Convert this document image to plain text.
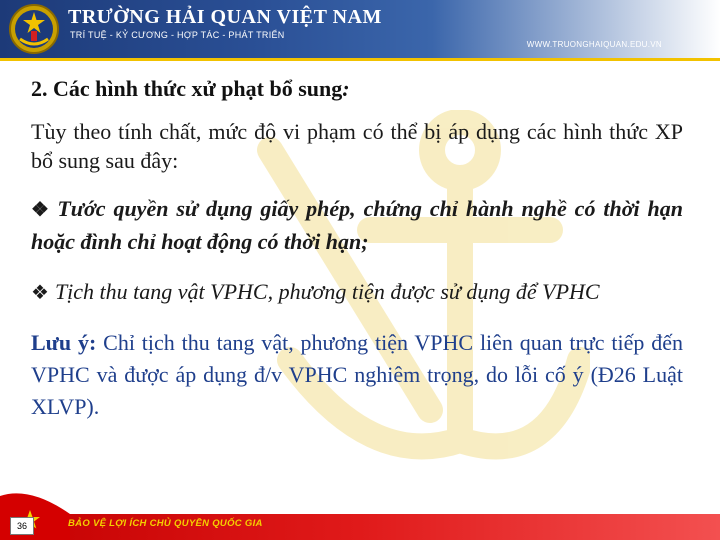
TRƯỜNG HẢI QUAN VIỆT NAM
TRÍ TUỆ - KỶ CƯƠNG - HỢP TÁC - PHÁT TRIỂN
WWW.TRUONGHAIQUAN.EDU.VN
2. Các hình thức xử phạt bổ sung:
Tùy theo tính chất, mức độ vi phạm có thể bị áp dụng các hình thức XP bổ sung sau đây:
❖ Tước quyền sử dụng giấy phép, chứng chỉ hành nghề có thời hạn hoặc đình chỉ hoạt động có thời hạn;
❖ Tịch thu tang vật VPHC, phương tiện được sử dụng để VPHC
Lưu ý: Chỉ tịch thu tang vật, phương tiện VPHC liên quan trực tiếp đến VPHC và được áp dụng đ/v VPHC nghiêm trọng, do lỗi cố ý (Đ26 Luật XLVP).
36	BẢO VỆ LỢI ÍCH CHỦ QUYỀN QUỐC GIA
